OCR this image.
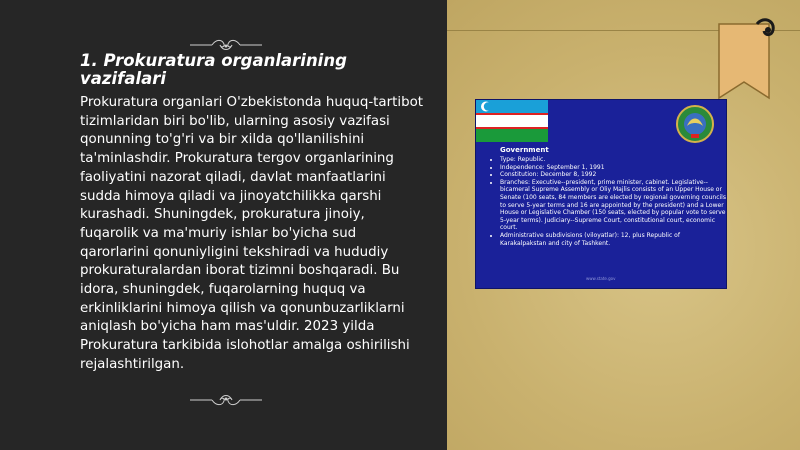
1. Prokuratura organlarining vazifalari

Prokuratura organlari O'zbekistonda huquq-tartibot tizimlaridan biri bo'lib, ularning asosiy vazifasi qonunning to'g'ri va bir xilda qo'llanilishini ta'minlashdir. Prokuratura tergov organlarining faoliyatini nazorat qiladi, davlat manfaatlarini sudda himoya qiladi va jinoyatchilikka qarshi kurashadi. Shuningdek, prokuratura jinoiy, fuqarolik va ma'muriy ishlar bo'yicha sud qarorlarini qonuniyligini tekshiradi va hududiy prokuraturalardan iborat tizimni boshqaradi. Bu idora, shuningdek, fuqarolarning huquq va erkinliklarini himoya qilish va qonunbuzarliklarni aniqlash bo'yicha ham mas'uldir. 2023 yilda Prokuratura tarkibida islohotlar amalga oshirilishi rejalashtirilgan.

Government
• Type: Republic.
• Independence: September 1, 1991
• Constitution: December 8, 1992
• Branches: Executive--president, prime minister, cabinet. Legislative--bicameral Supreme Assembly or Oliy Majlis consists of an Upper House or Senate (100 seats, 84 members are elected by regional governing councils to serve 5-year terms and 16 are appointed by the president) and a Lower House or Legislative Chamber (150 seats, elected by popular vote to serve 5-year terms). Judiciary--Supreme Court, constitutional court, economic court.
• Administrative subdivisions (viloyatlar): 12, plus Republic of Karakalpakstan and city of Tashkent.
www.state.gov
